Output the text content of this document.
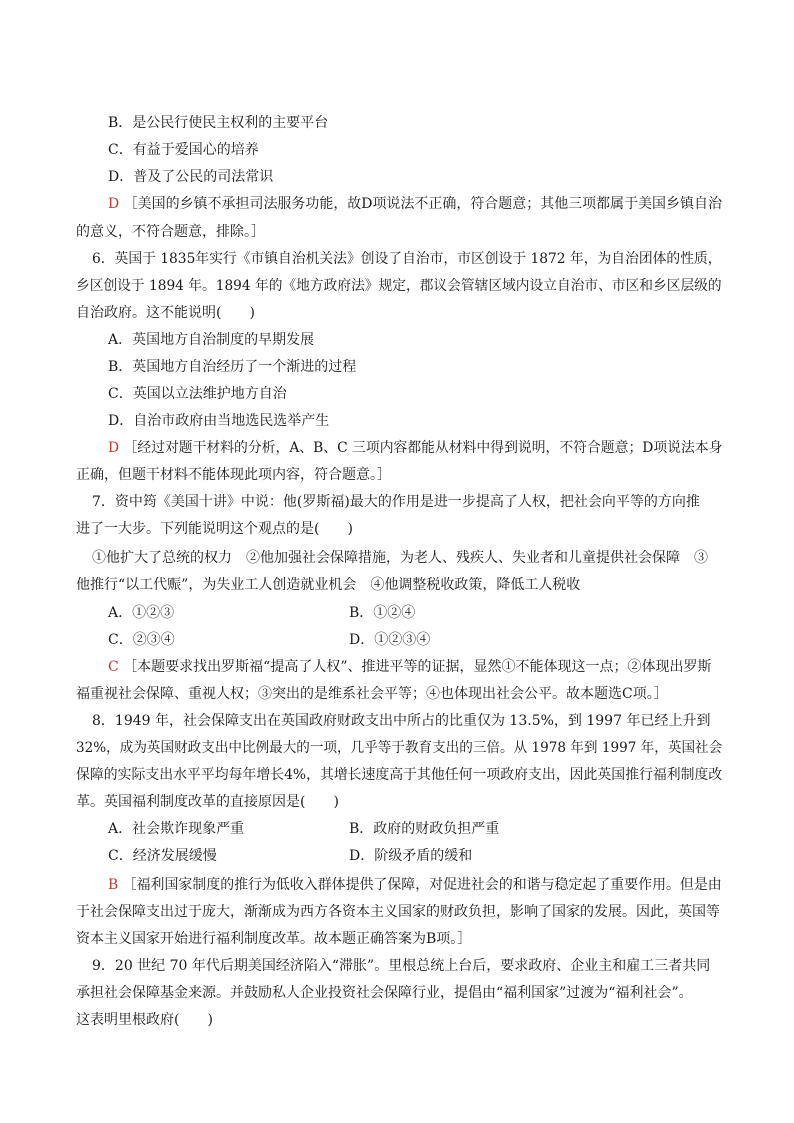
B．是公民行使民主权利的主要平台
C．有益于爱国心的培养
D．普及了公民的司法常识
D ［美国的乡镇不承担司法服务功能，故D项说法不正确，符合题意；其他三项都属于美国乡镇自治
的意义，不符合题意，排除。］
6．英国于 1835年实行《市镇自治机关法》创设了自治市，市区创设于 1872 年，为自治团体的性质，
乡区创设于 1894 年。1894 年的《地方政府法》规定，郡议会管辖区域内设立自治市、市区和乡区层级的
自治政府。这不能说明(　　)
A．英国地方自治制度的早期发展
B．英国地方自治经历了一个渐进的过程
C．英国以立法维护地方自治
D．自治市政府由当地选民选举产生
D ［经过对题干材料的分析，A、B、C 三项内容都能从材料中得到说明，不符合题意；D项说法本身
正确，但题干材料不能体现此项内容，符合题意。］
7．资中筠《美国十讲》中说：他(罗斯福)最大的作用是进一步提高了人权，把社会向平等的方向推
进了一大步。下列能说明这个观点的是(　　)
①他扩大了总统的权力　②他加强社会保障措施，为老人、残疾人、失业者和儿童提供社会保障　③
他推行“以工代赈”，为失业工人创造就业机会　④他调整税收政策，降低工人税收
A．①②③	B．①②④
C．②③④	D．①②③④
C ［本题要求找出罗斯福“提高了人权”、推进平等的证据，显然①不能体现这一点；②体现出罗斯
福重视社会保障、重视人权；③突出的是维系社会平等；④也体现出社会公平。故本题选C项。］
8．1949 年，社会保障支出在英国政府财政支出中所占的比重仅为 13.5%，到 1997 年已经上升到
32%，成为英国财政支出中比例最大的一项，几乎等于教育支出的三倍。从 1978 年到 1997 年，英国社会
保障的实际支出水平平均每年增长4%，其增长速度高于其他任何一项政府支出，因此英国推行福利制度改
革。英国福利制度改革的直接原因是(　　)
A．社会欺诈现象严重	B．政府的财政负担严重
C．经济发展缓慢	D．阶级矛盾的缓和
B ［福利国家制度的推行为低收入群体提供了保障，对促进社会的和谐与稳定起了重要作用。但是由
于社会保障支出过于庞大，渐渐成为西方各资本主义国家的财政负担，影响了国家的发展。因此，英国等
资本主义国家开始进行福利制度改革。故本题正确答案为B项。］
9．20 世纪 70 年代后期美国经济陷入“滞胀”。里根总统上台后，要求政府、企业主和雇工三者共同
承担社会保障基金来源。并鼓励私人企业投资社会保障行业，提倡由“福利国家”过渡为“福利社会”。
这表明里根政府(　　)
